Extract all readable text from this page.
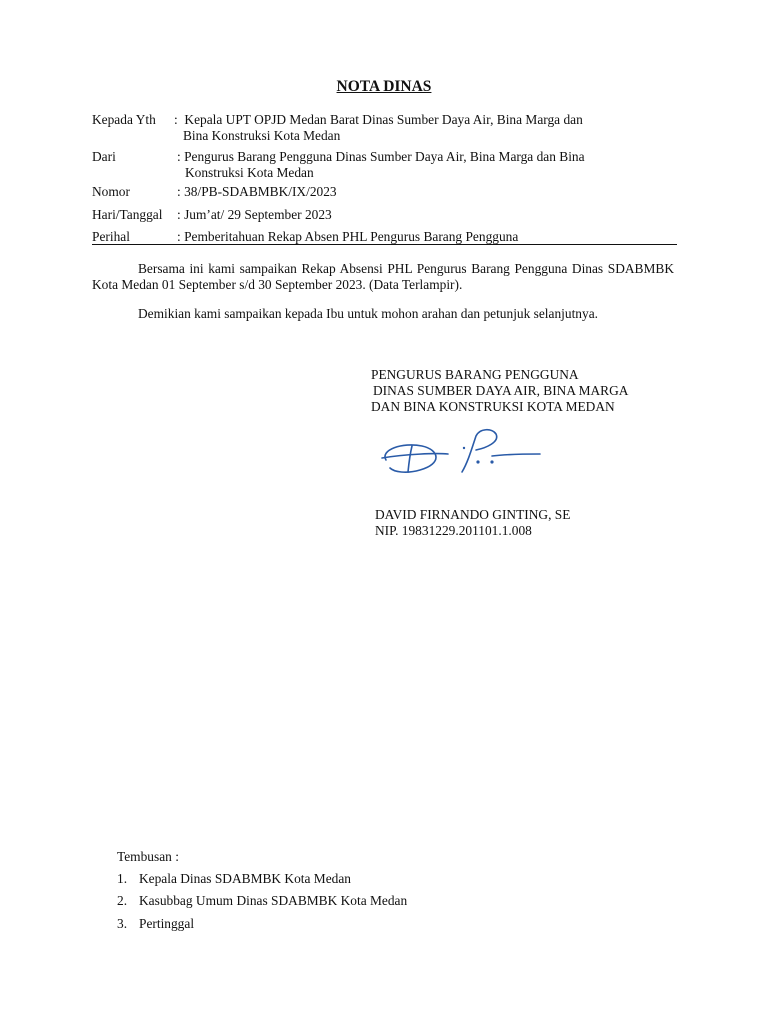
NOTA DINAS
Kepada Yth :  Kepala UPT OPJD Medan Barat Dinas Sumber Daya Air, Bina Marga dan
Bina Konstruksi Kota Medan
Dari	: Pengurus Barang Pengguna Dinas Sumber Daya Air, Bina Marga dan Bina
Konstruksi Kota Medan
Nomor	: 38/PB-SDABMBK/IX/2023
Hari/Tanggal : Jum’at/ 29 September 2023
Perihal	: Pemberitahuan Rekap Absen PHL Pengurus Barang Pengguna

Bersama ini kami sampaikan Rekap Absensi PHL Pengurus Barang Pengguna Dinas SDABMBK Kota Medan 01 September s/d 30 September 2023. (Data Terlampir).

Demikian kami sampaikan kepada Ibu untuk mohon arahan dan petunjuk selanjutnya.

PENGURUS BARANG PENGGUNA
DINAS SUMBER DAYA AIR, BINA MARGA
DAN BINA KONSTRUKSI KOTA MEDAN
DAVID FIRNANDO GINTING, SE
NIP. 19831229.201101.1.008
Tembusan :
1. Kepala Dinas SDABMBK Kota Medan
2. Kasubbag Umum Dinas SDABMBK Kota Medan
3. Pertinggal
